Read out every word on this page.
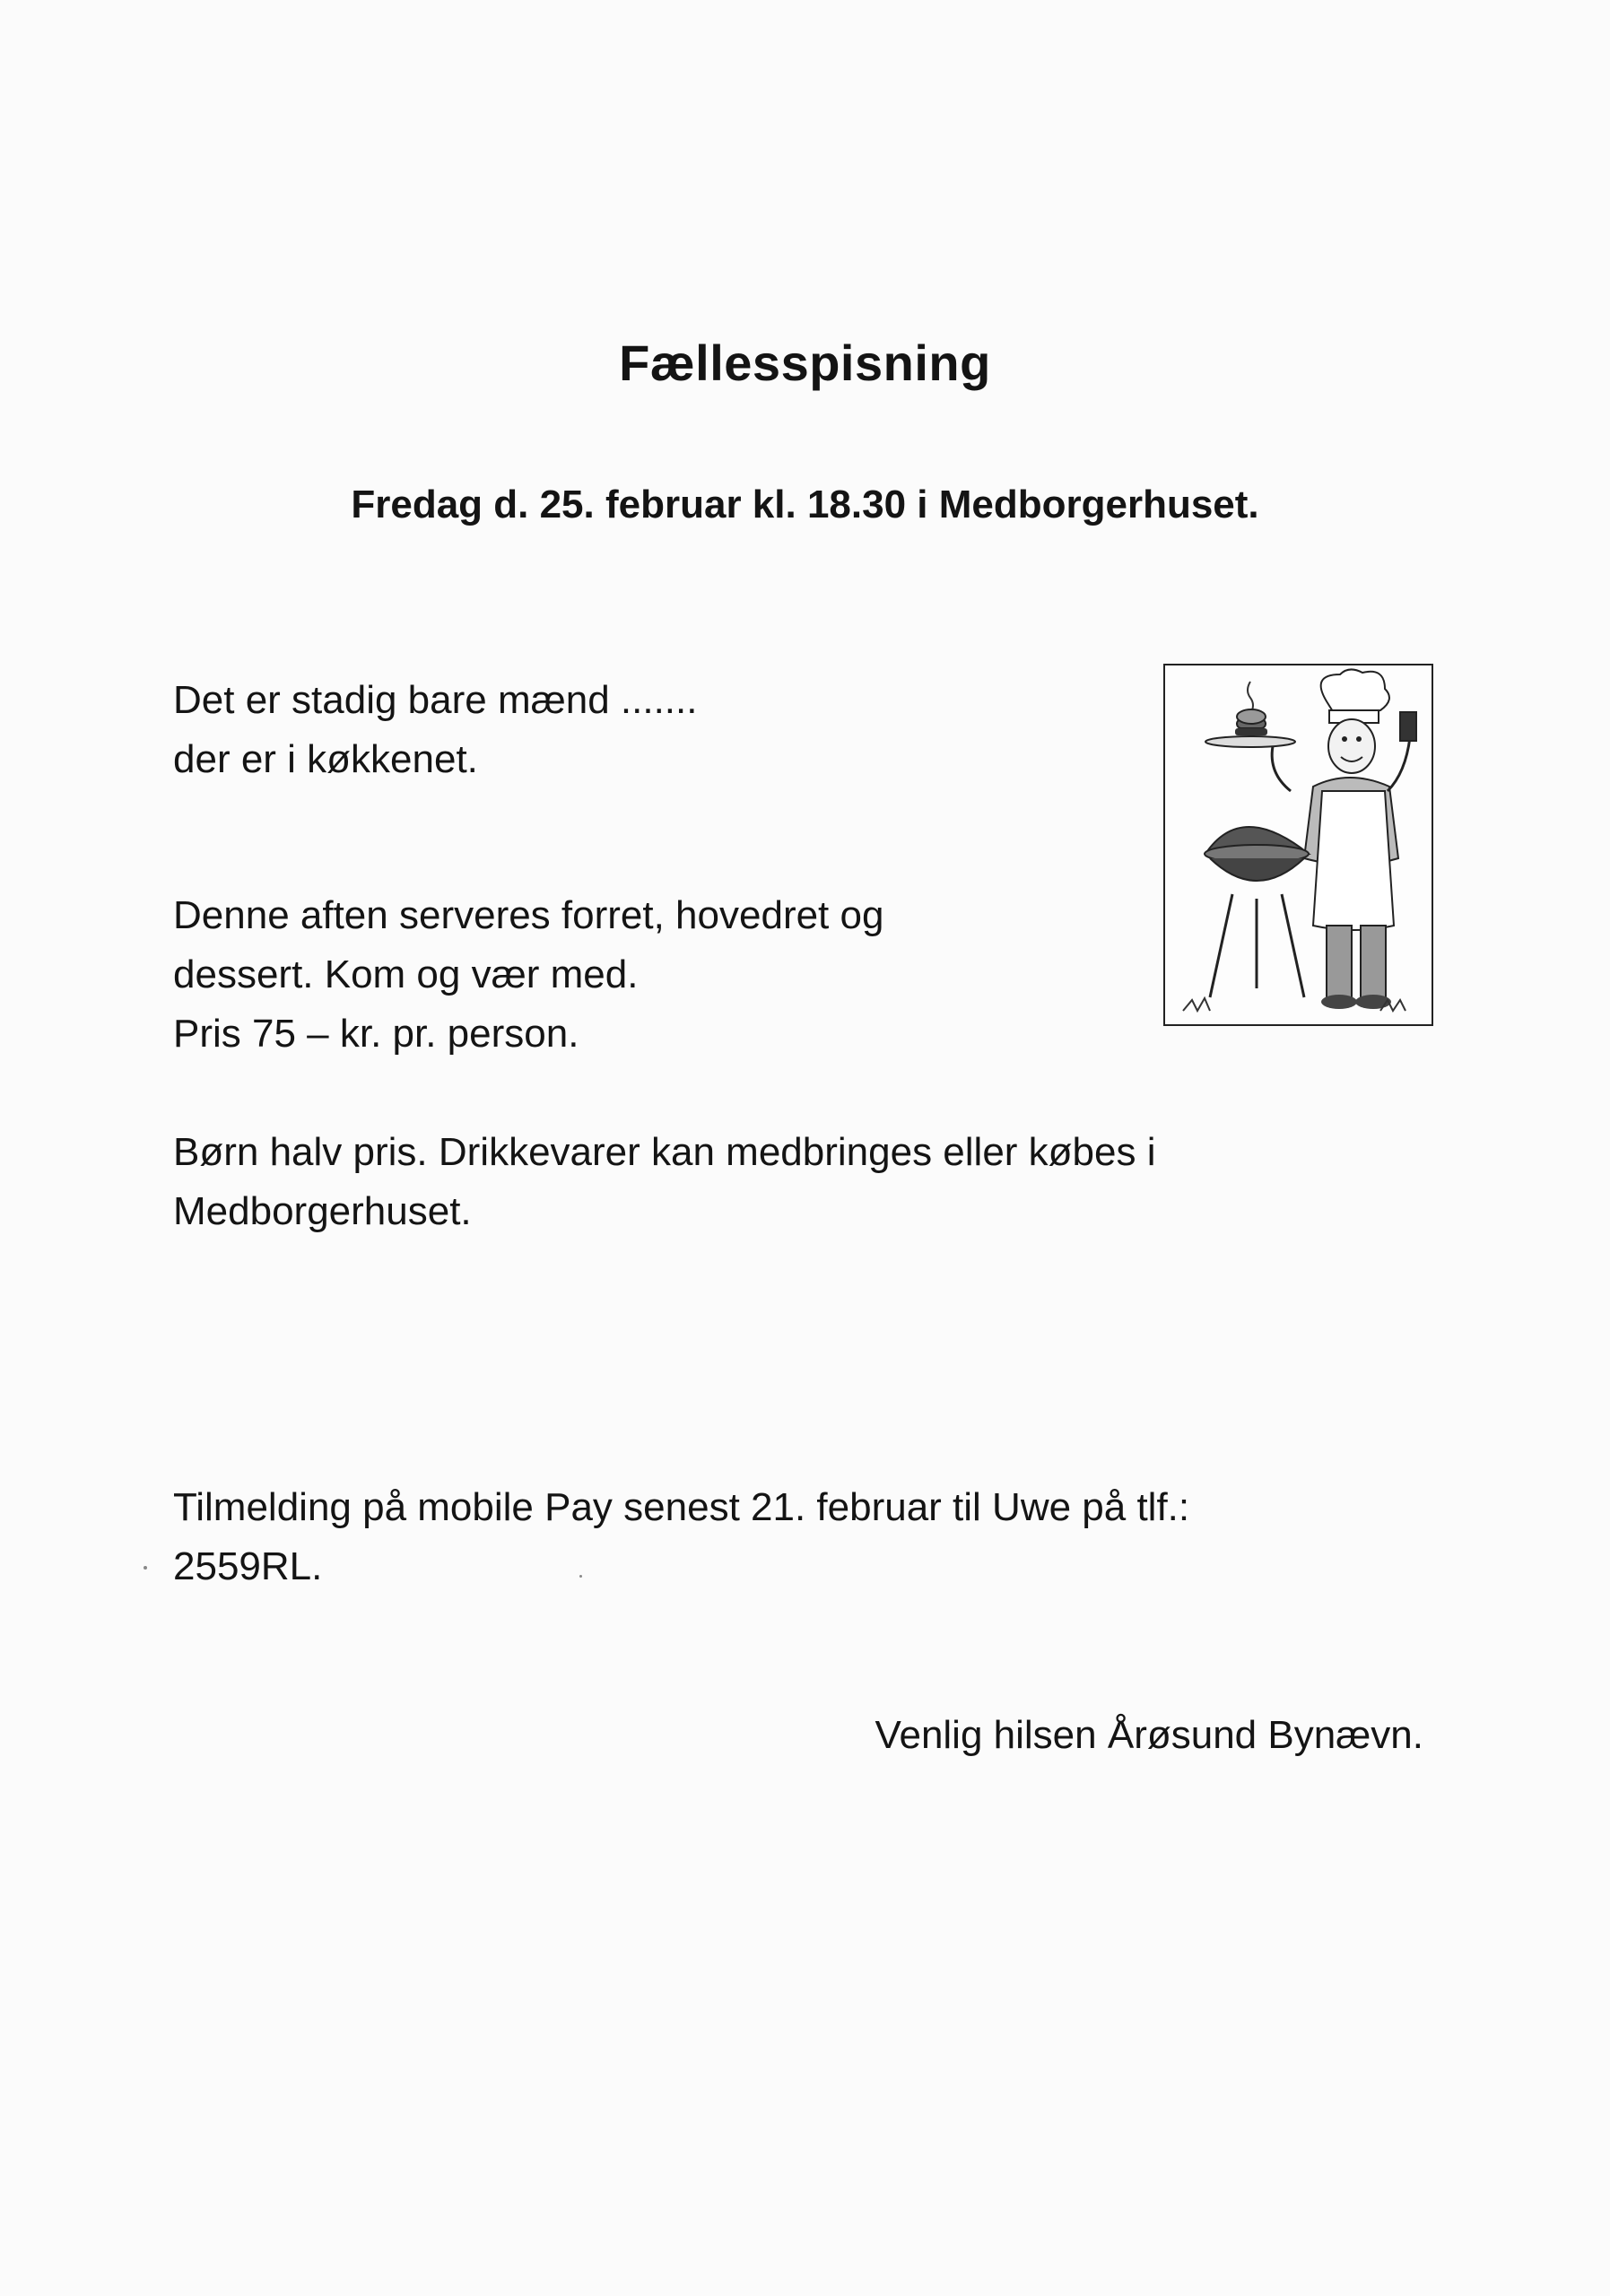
Fællesspisning
Fredag d. 25. februar kl. 18.30 i Medborgerhuset.
Det er stadig bare mænd .......
der er i køkkenet.
Denne aften serveres forret, hovedret og
dessert. Kom og vær med.
Pris 75 – kr. pr. person.
Børn halv pris. Drikkevarer kan medbringes eller købes i
Medborgerhuset.
Tilmelding på mobile Pay senest 21. februar til Uwe på tlf.:
2559RL.
Venlig hilsen Årøsund Bynævn.
